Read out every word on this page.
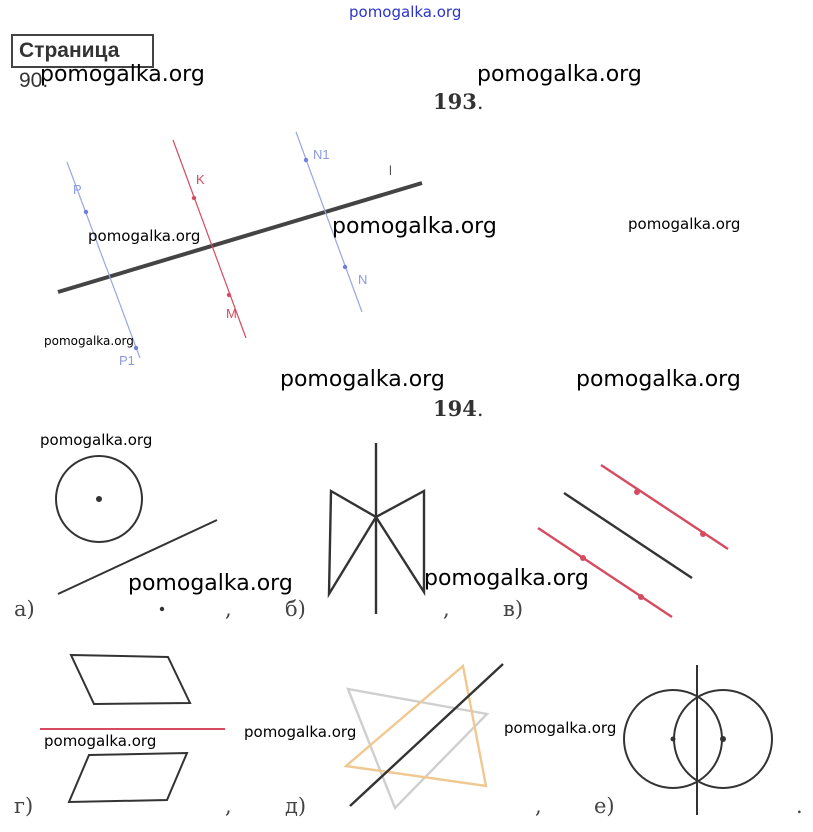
P
P1
K
M
N1
N
l
pomogalka.org
Страница 90.
193.
194.
а)	,	б)	,	в)
г)	,	д)	, е)	.
pomogalka.org	pomogalka.org
pomogalka.org	pomogalka.org	pomogalka.org
pomogalka.org
pomogalka.org	pomogalka.org
pomogalka.org
pomogalka.org	pomogalka.org
pomogalka.org	pomogalka.org	pomogalka.org
